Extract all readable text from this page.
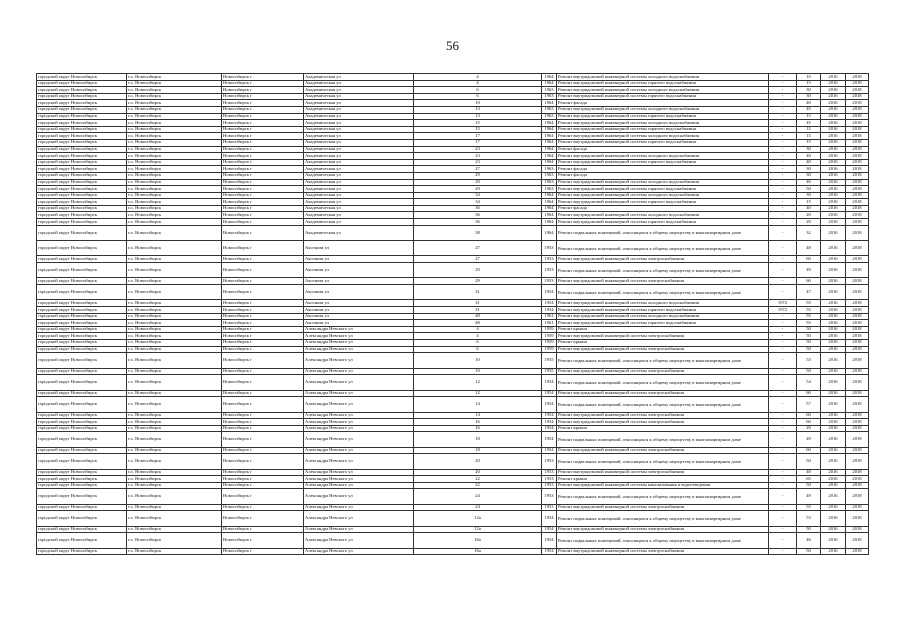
56
городской округ Новосибирск	г.о. Новосибирск	Новосибирск г	Академическая ул	4	1964	Ремонт внутридомовой инженерной системы холодного водоснабжения	-	10	2016	2018
городской округ Новосибирск	г.о. Новосибирск	Новосибирск г	Академическая ул	4	1964	Ремонт внутридомовой инженерной системы горячего водоснабжения	-	15	2016	2018
городской округ Новосибирск	г.о. Новосибирск	Новосибирск г	Академическая ул	6	1963	Ремонт внутридомовой инженерной системы холодного водоснабжения	-	30	2016	2018
городской округ Новосибирск	г.о. Новосибирск	Новосибирск г	Академическая ул	6	1963	Ремонт внутридомовой инженерной системы горячего водоснабжения	-	30	2016	2018
городской округ Новосибирск	г.о. Новосибирск	Новосибирск г	Академическая ул	10	1964	Ремонт фасада	-	40	2016	2018
городской округ Новосибирск	г.о. Новосибирск	Новосибирск г	Академическая ул	13	1963	Ремонт внутридомовой инженерной системы холодного водоснабжения	-	45	2016	2018
городской округ Новосибирск	г.о. Новосибирск	Новосибирск г	Академическая ул	13	1963	Ремонт внутридомовой инженерной системы горячего водоснабжения	-	15	2016	2018
городской округ Новосибирск	г.о. Новосибирск	Новосибирск г	Академическая ул	15	1964	Ремонт внутридомовой инженерной системы холодного водоснабжения	-	45	2016	2018
городской округ Новосибирск	г.о. Новосибирск	Новосибирск г	Академическая ул	15	1964	Ремонт внутридомовой инженерной системы горячего водоснабжения	-	15	2016	2018
городской округ Новосибирск	г.о. Новосибирск	Новосибирск г	Академическая ул	17	1964	Ремонт внутридомовой инженерной системы холодного водоснабжения	-	15	2016	2018
городской округ Новосибирск	г.о. Новосибирск	Новосибирск г	Академическая ул	17	1964	Ремонт внутридомовой инженерной системы горячего водоснабжения	-	15	2016	2018
городской округ Новосибирск	г.о. Новосибирск	Новосибирск г	Академическая ул	23	1964	Ремонт фасада	-	30	2016	2018
городской округ Новосибирск	г.о. Новосибирск	Новосибирск г	Академическая ул	23	1964	Ремонт внутридомовой инженерной системы холодного водоснабжения	-	40	2016	2018
городской округ Новосибирск	г.о. Новосибирск	Новосибирск г	Академическая ул	23	1964	Ремонт внутридомовой инженерной системы горячего водоснабжения	-	40	2016	2018
городской округ Новосибирск	г.о. Новосибирск	Новосибирск г	Академическая ул	27	1963	Ремонт фасада	-	30	2016	2018
городской округ Новосибирск	г.о. Новосибирск	Новосибирск г	Академическая ул	29	1963	Ремонт фасада	-	30	2016	2018
городской округ Новосибирск	г.о. Новосибирск	Новосибирск г	Академическая ул	29	1963	Ремонт внутридомовой инженерной системы холодного водоснабжения	-	40	2016	2018
городской округ Новосибирск	г.о. Новосибирск	Новосибирск г	Академическая ул	29	1963	Ремонт внутридомовой инженерной системы горячего водоснабжения	-	50	2016	2018
городской округ Новосибирск	г.о. Новосибирск	Новосибирск г	Академическая ул	34	1964	Ремонт внутридомовой инженерной системы холодного водоснабжения	-	30	2016	2018
городской округ Новосибирск	г.о. Новосибирск	Новосибирск г	Академическая ул	34	1964	Ремонт внутридомовой инженерной системы горячего водоснабжения	-	15	2016	2018
городской округ Новосибирск	г.о. Новосибирск	Новосибирск г	Академическая ул	36	1964	Ремонт фасада	-	40	2016	2018
городской округ Новосибирск	г.о. Новосибирск	Новосибирск г	Академическая ул	36	1964	Ремонт внутридомовой инженерной системы холодного водоснабжения	-	20	2016	2018
городской округ Новосибирск	г.о. Новосибирск	Новосибирск г	Академическая ул	36	1964	Ремонт внутридомовой инженерной системы горячего водоснабжения	-	20	2016	2018
городской округ Новосибирск	г.о. Новосибирск	Новосибирск г	Академическая ул	38	1964	Ремонт подвальных помещений, относящихся к общему имуществу в многоквартирном доме	-	32	2016	2018
городской округ Новосибирск	г.о. Новосибирск	Новосибирск г	Аксенова ул	27	1953	Ремонт подвальных помещений, относящихся к общему имуществу в многоквартирном доме	-	48	2016	2018
городской округ Новосибирск	г.о. Новосибирск	Новосибирск г	Аксенова ул	27	1953	Ремонт внутридомовой инженерной системы электроснабжения	-	60	2016	2018
городской округ Новосибирск	г.о. Новосибирск	Новосибирск г	Аксенова ул	29	1953	Ремонт подвальных помещений, относящихся к общему имуществу в многоквартирном доме	-	49	2016	2018
городской округ Новосибирск	г.о. Новосибирск	Новосибирск г	Аксенова ул	29	1953	Ремонт внутридомовой инженерной системы электроснабжения	-	60	2016	2018
городской округ Новосибирск	г.о. Новосибирск	Новосибирск г	Аксенова ул	31	1954	Ремонт подвальных помещений, относящихся к общему имуществу в многоквартирном доме	-	47	2016	2018
городской округ Новосибирск	г.о. Новосибирск	Новосибирск г	Аксенова ул	31	1954	Ремонт внутридомовой инженерной системы холодного водоснабжения	1972	55	2016	2018
городской округ Новосибирск	г.о. Новосибирск	Новосибирск г	Аксенова ул	31	1954	Ремонт внутридомовой инженерной системы горячего водоснабжения	1972	55	2016	2018
городской округ Новосибирск	г.о. Новосибирск	Новосибирск г	Аксенова ул	48	1961	Ремонт внутридомовой инженерной системы холодного водоснабжения	-	55	2016	2018
городской округ Новосибирск	г.о. Новосибирск	Новосибирск г	Аксенова ул	48	1961	Ремонт внутридомовой инженерной системы горячего водоснабжения	-	55	2016	2018
городской округ Новосибирск	г.о. Новосибирск	Новосибирск г	Александра Невского ул	4	1959	Ремонт крыши	-	50	2016	2018
городской округ Новосибирск	г.о. Новосибирск	Новосибирск г	Александра Невского ул	4	1959	Ремонт внутридомовой инженерной системы электроснабжения	-	50	2016	2018
городской округ Новосибирск	г.о. Новосибирск	Новосибирск г	Александра Невского ул	6	1959	Ремонт крыши	-	50	2016	2018
городской округ Новосибирск	г.о. Новосибирск	Новосибирск г	Александра Невского ул	6	1959	Ремонт внутридомовой инженерной системы электроснабжения	-	50	2016	2018
городской округ Новосибирск	г.о. Новосибирск	Новосибирск г	Александра Невского ул	10	1955	Ремонт подвальных помещений, относящихся к общему имуществу в многоквартирном доме	-	53	2016	2018
городской округ Новосибирск	г.о. Новосибирск	Новосибирск г	Александра Невского ул	10	1955	Ремонт внутридомовой инженерной системы электроснабжения	-	50	2016	2018
городской округ Новосибирск	г.о. Новосибирск	Новосибирск г	Александра Невского ул	12	1954	Ремонт подвальных помещений, относящихся к общему имуществу в многоквартирном доме	-	54	2016	2018
городской округ Новосибирск	г.о. Новосибирск	Новосибирск г	Александра Невского ул	12	1954	Ремонт внутридомовой инженерной системы электроснабжения	-	60	2016	2018
городской округ Новосибирск	г.о. Новосибирск	Новосибирск г	Александра Невского ул	14	1954	Ремонт подвальных помещений, относящихся к общему имуществу в многоквартирном доме	-	57	2016	2018
городской округ Новосибирск	г.о. Новосибирск	Новосибирск г	Александра Невского ул	14	1954	Ремонт внутридомовой инженерной системы электроснабжения	-	60	2016	2018
городской округ Новосибирск	г.о. Новосибирск	Новосибирск г	Александра Невского ул	16	1954	Ремонт внутридомовой инженерной системы электроснабжения	-	60	2016	2018
городской округ Новосибирск	г.о. Новосибирск	Новосибирск г	Александра Невского ул	16	1954	Ремонт крыши	-	20	2016	2018
городской округ Новосибирск	г.о. Новосибирск	Новосибирск г	Александра Невского ул	18	1954	Ремонт подвальных помещений, относящихся к общему имуществу в многоквартирном доме	-	49	2016	2018
городской округ Новосибирск	г.о. Новосибирск	Новосибирск г	Александра Невского ул	18	1954	Ремонт внутридомовой инженерной системы электроснабжения	-	60	2016	2018
городской округ Новосибирск	г.о. Новосибирск	Новосибирск г	Александра Невского ул	20	1953	Ремонт подвальных помещений, относящихся к общему имуществу в многоквартирном доме	-	50	2016	2018
городской округ Новосибирск	г.о. Новосибирск	Новосибирск г	Александра Невского ул	20	1953	Ремонт внутридомовой инженерной системы электроснабжения	-	40	2016	2018
городской округ Новосибирск	г.о. Новосибирск	Новосибирск г	Александра Невского ул	22	1953	Ремонт крыши	-	65	2016	2018
городской округ Новосибирск	г.о. Новосибирск	Новосибирск г	Александра Невского ул	22	1953	Ремонт внутридомовой инженерной системы канализования и водоотведения	-	50	2016	2018
городской округ Новосибирск	г.о. Новосибирск	Новосибирск г	Александра Невского ул	24	1953	Ремонт подвальных помещений, относящихся к общему имуществу в многоквартирном доме	-	49	2016	2018
городской округ Новосибирск	г.о. Новосибирск	Новосибирск г	Александра Невского ул	24	1953	Ремонт внутридомовой инженерной системы электроснабжения	-	55	2016	2018
городской округ Новосибирск	г.о. Новосибирск	Новосибирск г	Александра Невского ул	12а	1954	Ремонт подвальных помещений, относящихся к общему имуществу в многоквартирном доме	-	53	2016	2018
городской округ Новосибирск	г.о. Новосибирск	Новосибирск г	Александра Невского ул	12а	1954	Ремонт внутридомовой инженерной системы электроснабжения	-	50	2016	2018
городской округ Новосибирск	г.о. Новосибирск	Новосибирск г	Александра Невского ул	16а	1954	Ремонт подвальных помещений, относящихся к общему имуществу в многоквартирном доме	-	46	2016	2018
городской округ Новосибирск	г.о. Новосибирск	Новосибирск г	Александра Невского ул	16а	1954	Ремонт внутридомовой инженерной системы электроснабжения	-	50	2016	2018
